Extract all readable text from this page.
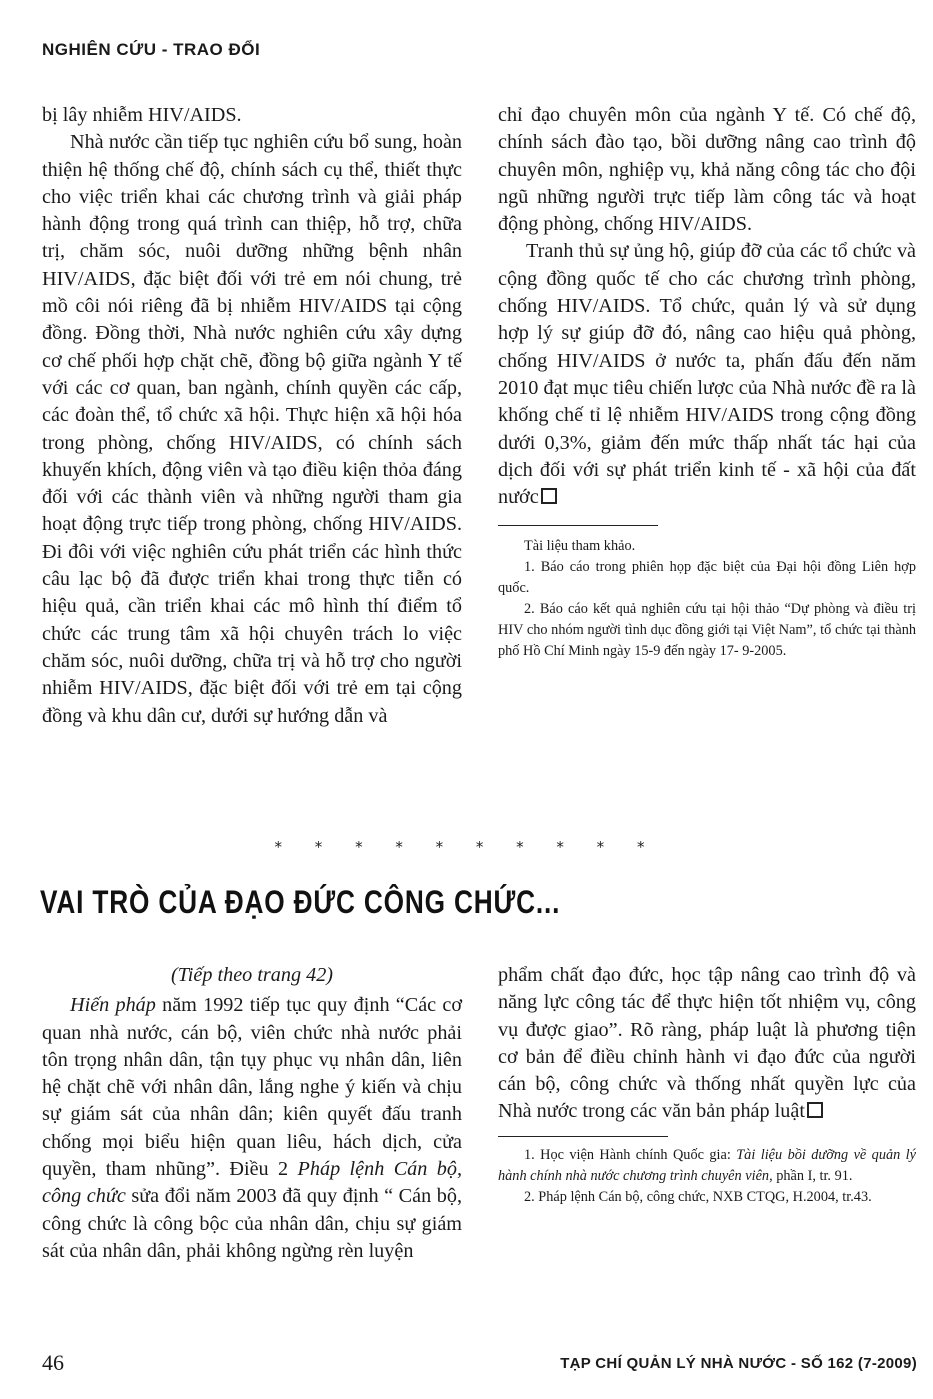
NGHIÊN CỨU - TRAO ĐỔI

bị lây nhiễm HIV/AIDS.

Nhà nước cần tiếp tục nghiên cứu bổ sung, hoàn thiện hệ thống chế độ, chính sách cụ thể, thiết thực cho việc triển khai các chương trình và giải pháp hành động trong quá trình can thiệp, hỗ trợ, chữa trị, chăm sóc, nuôi dưỡng những bệnh nhân HIV/AIDS, đặc biệt đối với trẻ em nói chung, trẻ mồ côi nói riêng đã bị nhiễm HIV/AIDS tại cộng đồng. Đồng thời, Nhà nước nghiên cứu xây dựng cơ chế phối hợp chặt chẽ, đồng bộ giữa ngành Y tế với các cơ quan, ban ngành, chính quyền các cấp, các đoàn thể, tổ chức xã hội. Thực hiện xã hội hóa trong phòng, chống HIV/AIDS, có chính sách khuyến khích, động viên và tạo điều kiện thỏa đáng đối với các thành viên và những người tham gia hoạt động trực tiếp trong phòng, chống HIV/AIDS. Đi đôi với việc nghiên cứu phát triển các hình thức câu lạc bộ đã được triển khai trong thực tiễn có hiệu quả, cần triển khai các mô hình thí điểm tổ chức các trung tâm xã hội chuyên trách lo việc chăm sóc, nuôi dưỡng, chữa trị và hỗ trợ cho người nhiễm HIV/AIDS, đặc biệt đối với trẻ em tại cộng đồng và khu dân cư, dưới sự hướng dẫn và

chỉ đạo chuyên môn của ngành Y tế. Có chế độ, chính sách đào tạo, bồi dưỡng nâng cao trình độ chuyên môn, nghiệp vụ, khả năng công tác cho đội ngũ những người trực tiếp làm công tác và hoạt động phòng, chống HIV/AIDS.

Tranh thủ sự ủng hộ, giúp đỡ của các tổ chức và cộng đồng quốc tế cho các chương trình phòng, chống HIV/AIDS. Tổ chức, quản lý và sử dụng hợp lý sự giúp đỡ đó, nâng cao hiệu quả phòng, chống HIV/AIDS ở nước ta, phấn đấu đến năm 2010 đạt mục tiêu chiến lược của Nhà nước đề ra là khống chế tỉ lệ nhiễm HIV/AIDS trong cộng đồng dưới 0,3%, giảm đến mức thấp nhất tác hại của dịch đối với sự phát triển kinh tế - xã hội của đất nước

Tài liệu tham khảo.

1. Báo cáo trong phiên họp đặc biệt của Đại hội đồng Liên hợp quốc.

2. Báo cáo kết quả nghiên cứu tại hội thảo “Dự phòng và điều trị HIV cho nhóm người tình dục đồng giới tại Việt Nam”, tổ chức tại thành phố Hồ Chí Minh ngày 15-9 đến ngày 17- 9-2005.

* * * * * * * * * *
VAI TRÒ CỦA ĐẠO ĐỨC CÔNG CHỨC...

(Tiếp theo trang 42)

Hiến pháp năm 1992 tiếp tục quy định “Các cơ quan nhà nước, cán bộ, viên chức nhà nước phải tôn trọng nhân dân, tận tụy phục vụ nhân dân, liên hệ chặt chẽ với nhân dân, lắng nghe ý kiến và chịu sự giám sát của nhân dân; kiên quyết đấu tranh chống mọi biểu hiện quan liêu, hách dịch, cửa quyền, tham nhũng”. Điều 2 Pháp lệnh Cán bộ, công chức sửa đổi năm 2003 đã quy định “ Cán bộ, công chức là công bộc của nhân dân, chịu sự giám sát của nhân dân, phải không ngừng rèn luyện

phẩm chất đạo đức, học tập nâng cao trình độ và năng lực công tác để thực hiện tốt nhiệm vụ, công vụ được giao”. Rõ ràng, pháp luật là phương tiện cơ bản để điều chỉnh hành vi đạo đức của người cán bộ, công chức và thống nhất quyền lực của Nhà nước trong các văn bản pháp luật

1. Học viện Hành chính Quốc gia: Tài liệu bồi dưỡng về quản lý hành chính nhà nước chương trình chuyên viên, phần I, tr. 91.

2. Pháp lệnh Cán bộ, công chức, NXB CTQG, H.2004, tr.43.

46	TẠP CHÍ QUẢN LÝ NHÀ NƯỚC - SỐ 162 (7-2009)
